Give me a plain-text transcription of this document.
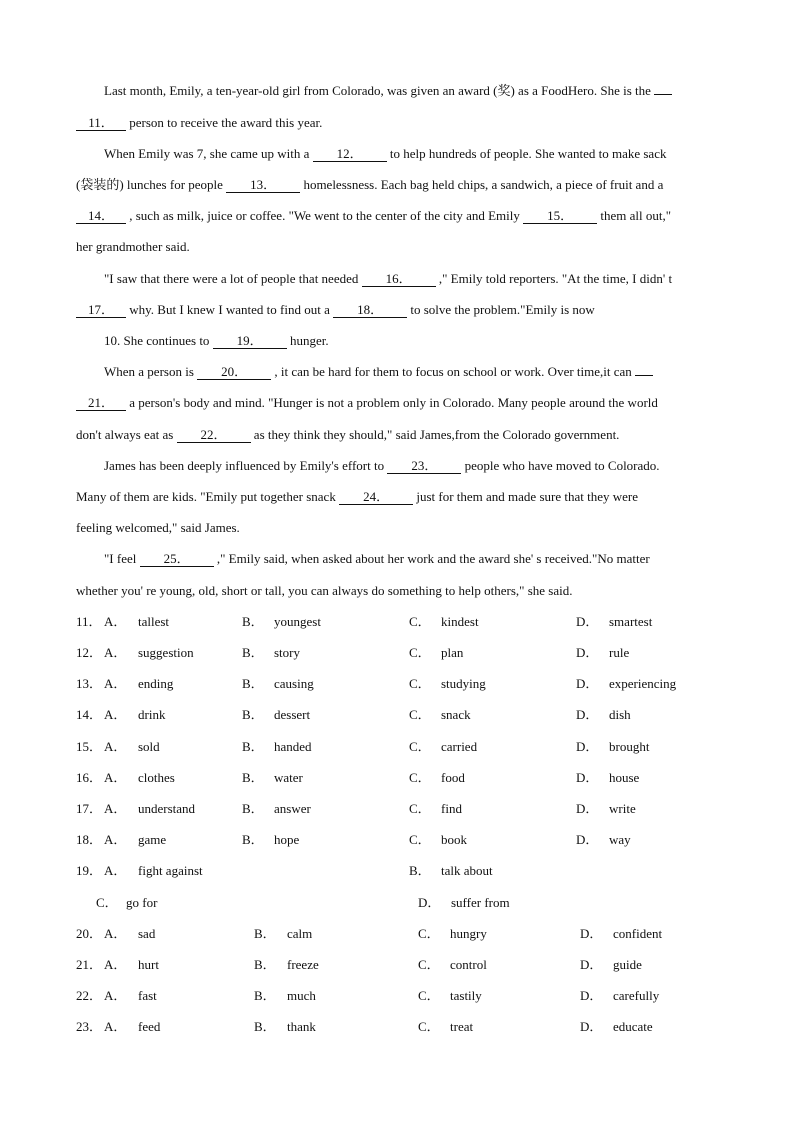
Last month, Emily, a ten-year-old girl from Colorado, was given an award (奖) as a FoodHero. She is the
11． person to receive the award this year.
When Emily was 7, she came up with a 12． to help hundreds of people. She wanted to make sack
(袋装的) lunches for people 13． homelessness. Each bag held chips, a sandwich, a piece of fruit and a
14． , such as milk, juice or coffee. "We went to the center of the city and Emily 15． them all out,"
her grandmother said.
"I saw that there were a lot of people that needed 16． ," Emily told reporters. "At the time, I didn' t
17． why. But I knew I wanted to find out a 18． to solve the problem."Emily is now
10. She continues to 19． hunger.
When a person is 20． , it can be hard for them to focus on school or work. Over time,it can
21． a person's body and mind. "Hunger is not a problem only in Colorado. Many people around the world
don't always eat as 22． as they think they should," said James,from the Colorado government.
James has been deeply influenced by Emily's effort to 23． people who have moved to Colorado.
Many of them are kids. "Emily put together snack 24． just for them and made sure that they were
feeling welcomed," said James.
"I feel 25． ," Emily said, when asked about her work and the award she' s received."No matter
whether you' re young, old, short or tall, you can always do something to help others," she said.
11． A． tallest	B． youngest	C． kindest	D． smartest
12． A． suggestion	B． story	C． plan	D． rule
13． A． ending	B． causing	C． studying	D． experiencing
14． A． drink	B． dessert	C． snack	D． dish
15． A． sold	B． handed	C． carried	D． brought
16． A． clothes	B． water	C． food	D． house
17． A． understand	B． answer	C． find	D． write
18． A． game	B． hope	C． book	D． way
19． A． fight against	B． talk about
C． go for	D． suffer from
20． A． sad	B． calm	C． hungry	D． confident
21． A． hurt	B． freeze	C． control	D． guide
22． A． fast	B． much	C． tastily	D． carefully
23． A． feed	B． thank	C． treat	D． educate
